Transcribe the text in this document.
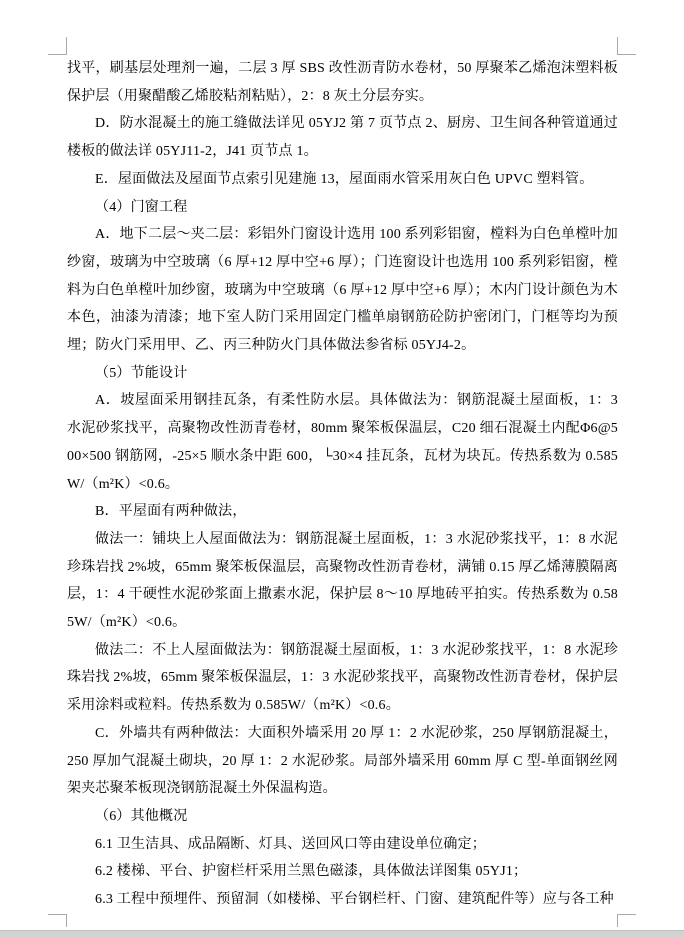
找平，刷基层处理剂一遍，二层 3 厚 SBS 改性沥青防水卷材，50 厚聚苯乙烯泡沫塑料板保护层（用聚醋酸乙烯胶粘剂粘贴），2：8 灰土分层夯实。

D．防水混凝土的施工缝做法详见 05YJ2 第 7 页节点 2、厨房、卫生间各种管道通过楼板的做法详 05YJ11-2，J41 页节点 1。

E．屋面做法及屋面节点索引见建施 13，屋面雨水管采用灰白色 UPVC 塑料管。

（4）门窗工程

A．地下二层～夹二层：彩铝外门窗设计选用 100 系列彩铝窗，樘料为白色单樘叶加纱窗，玻璃为中空玻璃（6 厚+12 厚中空+6 厚）；门连窗设计也选用 100 系列彩铝窗，樘料为白色单樘叶加纱窗，玻璃为中空玻璃（6 厚+12 厚中空+6 厚）；木内门设计颜色为木本色，油漆为清漆；地下室人防门采用固定门槛单扇钢筋砼防护密闭门，门框等均为预埋；防火门采用甲、乙、丙三种防火门具体做法参省标 05YJ4-2。

（5）节能设计

A．坡屋面采用钢挂瓦条，有柔性防水层。具体做法为：钢筋混凝土屋面板，1：3 水泥砂浆找平，高聚物改性沥青卷材，80mm 聚笨板保温层，C20 细石混凝土内配Φ6@500×500 钢筋网，-25×5 顺水条中距 600，└30×4 挂瓦条，瓦材为块瓦。传热系数为 0.585W/（m²K）<0.6。

B．平屋面有两种做法，

做法一：铺块上人屋面做法为：钢筋混凝土屋面板，1：3 水泥砂浆找平，1：8 水泥珍珠岩找 2%坡，65mm 聚笨板保温层，高聚物改性沥青卷材，满铺 0.15 厚乙烯薄膜隔离层，1：4 干硬性水泥砂浆面上撒素水泥，保护层 8～10 厚地砖平拍实。传热系数为 0.585W/（m²K）<0.6。

做法二：不上人屋面做法为：钢筋混凝土屋面板，1：3 水泥砂浆找平，1：8 水泥珍珠岩找 2%坡，65mm 聚笨板保温层，1：3 水泥砂浆找平，高聚物改性沥青卷材，保护层采用涂料或粒料。传热系数为 0.585W/（m²K）<0.6。

C．外墙共有两种做法：大面积外墙采用 20 厚 1：2 水泥砂浆，250 厚钢筋混凝土，250 厚加气混凝土砌块，20 厚 1：2 水泥砂浆。局部外墙采用 60mm 厚 C 型-单面钢丝网架夹芯聚苯板现浇钢筋混凝土外保温构造。

（6）其他概况

6.1 卫生洁具、成品隔断、灯具、送回风口等由建设单位确定；

6.2 楼梯、平台、护窗栏杆采用兰黑色磁漆，具体做法详图集 05YJ1；

6.3 工程中预埋件、预留洞（如楼梯、平台钢栏杆、门窗、建筑配件等）应与各工种
